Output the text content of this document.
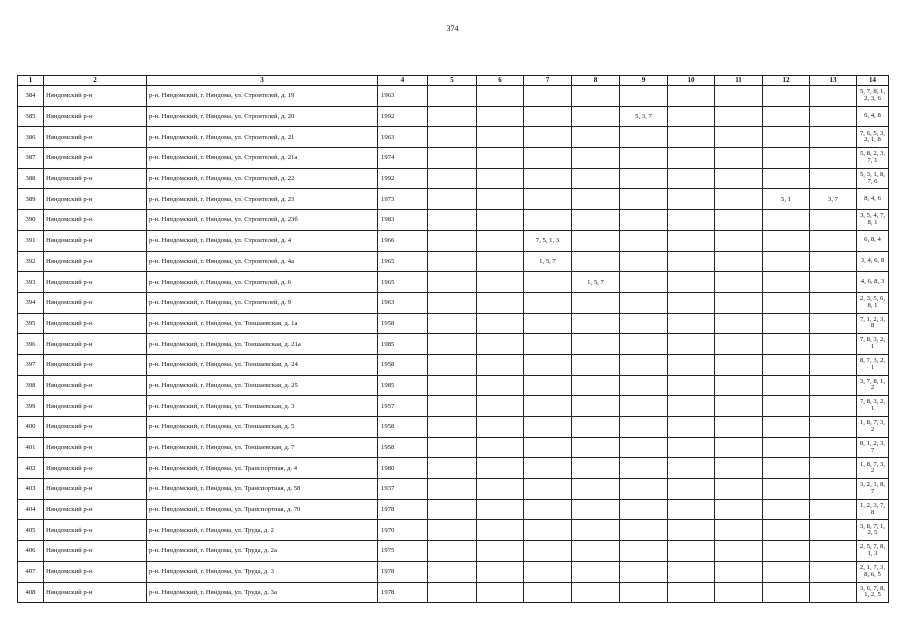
374
1	2	3	4	5	6	7	8	9	10	11	12	13	14
384	Няндомский р-н	р-н. Няндомский, г. Няндома, ул. Строителей, д. 19	1963										5, 7, 8, 1, 2, 3, 6
385	Няндомский р-н	р-н. Няндомский, г. Няндома, ул. Строителей, д. 20	1992					5, 3, 7					6, 4, 8
386	Няндомский р-н	р-н. Няндомский, г. Няндома, ул. Строителей, д. 21	1963										7, 6, 5, 3, 2, 1, 8
387	Няндомский р-н	р-н. Няндомский, г. Няндома, ул. Строителей, д. 21а	1974										5, 8, 2, 3, 7, 1
388	Няндомский р-н	р-н. Няндомский, г. Няндома, ул. Строителей, д. 22	1992										5, 3, 1, 8, 7, 6
389	Няндомский р-н	р-н. Няндомский, г. Няндома, ул. Строителей, д. 23	1973								5, 1	3, 7	8, 4, 6
390	Няндомский р-н	р-н. Няндомский, г. Няндома, ул. Строителей, д. 23б	1983										3, 5, 4, 7, 8, 1
391	Няндомский р-н	р-н. Няндомский, г. Няндома, ул. Строителей, д. 4	1966			7, 5, 1, 3							6, 8, 4
392	Няндомский р-н	р-н. Няндомский, г. Няндома, ул. Строителей, д. 4а	1965			1, 5, 7							3, 4, 6, 8
393	Няндомский р-н	р-н. Няндомский, г. Няндома, ул. Строителей, д. 6	1965				1, 5, 7						4, 6, 8, 3
394	Няндомский р-н	р-н. Няндомский, г. Няндома, ул. Строителей, д. 9	1963										2, 3, 5, 6, 8, 1
395	Няндомский р-н	р-н. Няндомский, г. Няндома, ул. Тоншаевская, д. 1а	1958										7, 1, 2, 3, 8
396	Няндомский р-н	р-н. Няндомский, г. Няндома, ул. Тоншаевская, д. 21а	1985										7, 8, 3, 2, 1
397	Няндомский р-н	р-н. Няндомский, г. Няндома, ул. Тоншаевская, д. 24	1958										8, 7, 3, 2, 1
398	Няндомский р-н	р-н. Няндомский, г. Няндома, ул. Тоншаевская, д. 25	1985										3, 7, 8, 1, 2
399	Няндомский р-н	р-н. Няндомский, г. Няндома, ул. Тоншаевская, д. 3	1957										7, 8, 3, 2, 1
400	Няндомский р-н	р-н. Няндомский, г. Няндома, ул. Тоншаевская, д. 5	1958										1, 8, 7, 3, 2
401	Няндомский р-н	р-н. Няндомский, г. Няндома, ул. Тоншаевская, д. 7	1958										8, 1, 2, 3, 7
402	Няндомский р-н	р-н. Няндомский, г. Няндома, ул. Транспортная, д. 4	1980										1, 8, 7, 3, 2
403	Няндомский р-н	р-н. Няндомский, г. Няндома, ул. Транспортная, д. 58	1937										3, 2, 1, 8, 7
404	Няндомский р-н	р-н. Няндомский, г. Няндома, ул. Транспортная, д. 70	1978										1, 2, 3, 7, 8
405	Няндомский р-н	р-н. Няндомский, г. Няндома, ул. Труда, д. 2	1970										3, 8, 7, 1, 2, 5
406	Няндомский р-н	р-н. Няндомский, г. Няндома, ул. Труда, д. 2а	1975										2, 5, 7, 8, 1, 3
407	Няндомский р-н	р-н. Няндомский, г. Няндома, ул. Труда, д. 3	1978										2, 1, 7, 3, 8, 6, 5
408	Няндомский р-н	р-н. Няндомский, г. Няндома, ул. Труда, д. 3а	1978										3, 6, 7, 8, 1, 2, 5
